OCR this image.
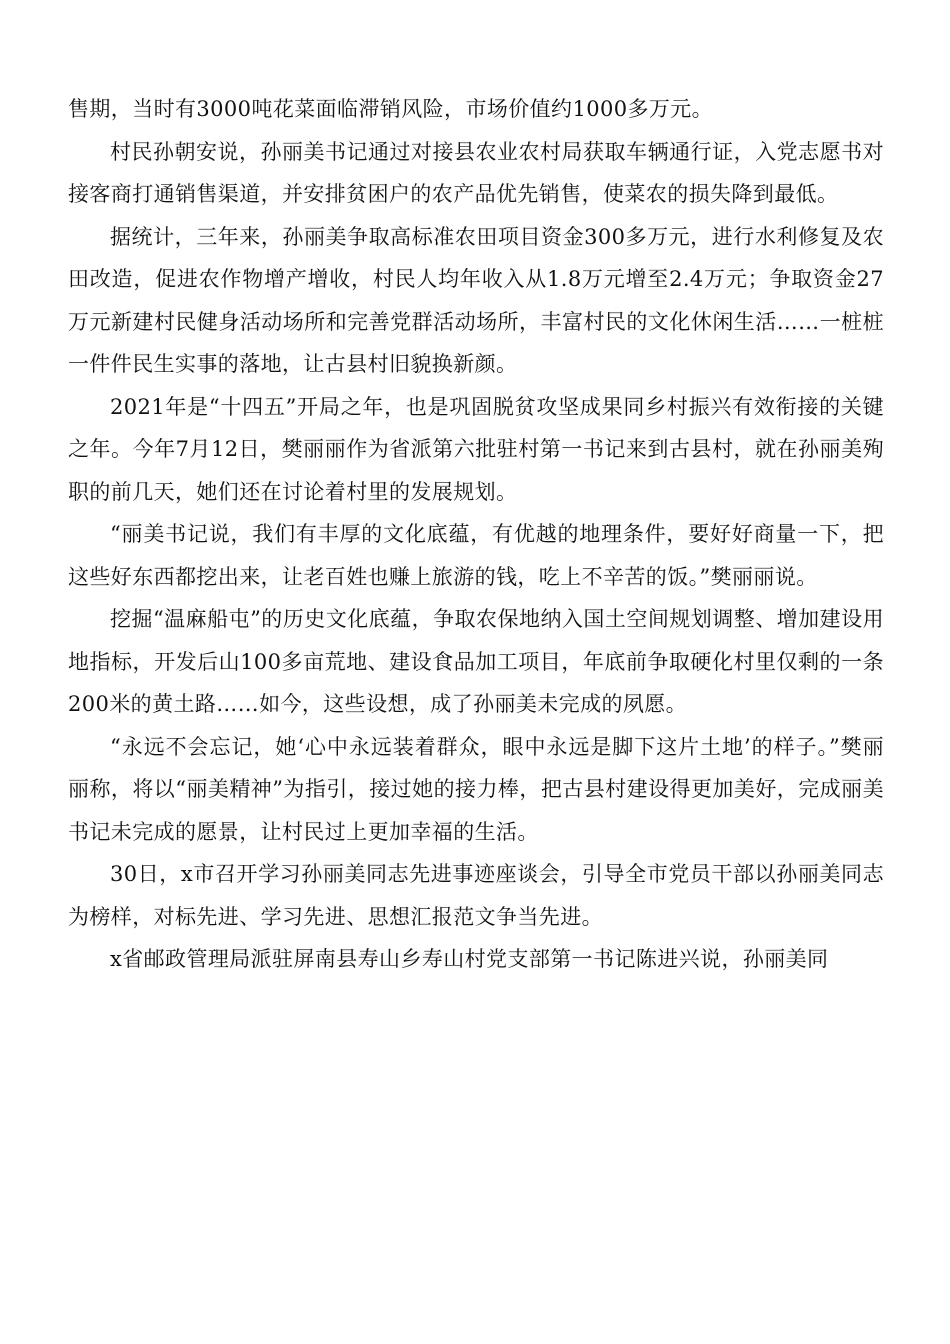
售期，当时有3000吨花菜面临滞销风险，市场价值约1000多万元。

村民孙朝安说，孙丽美书记通过对接县农业农村局获取车辆通行证，入党志愿书对接客商打通销售渠道，并安排贫困户的农产品优先销售，使菜农的损失降到最低。

据统计，三年来，孙丽美争取高标准农田项目资金300多万元，进行水利修复及农田改造，促进农作物增产增收，村民人均年收入从1.8万元增至2.4万元；争取资金27万元新建村民健身活动场所和完善党群活动场所，丰富村民的文化休闲生活……一桩桩一件件民生实事的落地，让古县村旧貌换新颜。

2021年是“十四五”开局之年，也是巩固脱贫攻坚成果同乡村振兴有效衔接的关键之年。今年7月12日，樊丽丽作为省派第六批驻村第一书记来到古县村，就在孙丽美殉职的前几天，她们还在讨论着村里的发展规划。

“丽美书记说，我们有丰厚的文化底蕴，有优越的地理条件，要好好商量一下，把这些好东西都挖出来，让老百姓也赚上旅游的钱，吃上不辛苦的饭。”樊丽丽说。

挖掘“温麻船屯”的历史文化底蕴，争取农保地纳入国土空间规划调整、增加建设用地指标，开发后山100多亩荒地、建设食品加工项目，年底前争取硬化村里仅剩的一条200米的黄土路……如今，这些设想，成了孙丽美未完成的夙愿。

“永远不会忘记，她‘心中永远装着群众，眼中永远是脚下这片土地’的样子。”樊丽丽称，将以“丽美精神”为指引，接过她的接力棒，把古县村建设得更加美好，完成丽美书记未完成的愿景，让村民过上更加幸福的生活。

30日，x市召开学习孙丽美同志先进事迹座谈会，引导全市党员干部以孙丽美同志为榜样，对标先进、学习先进、思想汇报范文争当先进。

x省邮政管理局派驻屏南县寿山乡寿山村党支部第一书记陈进兴说，孙丽美同
